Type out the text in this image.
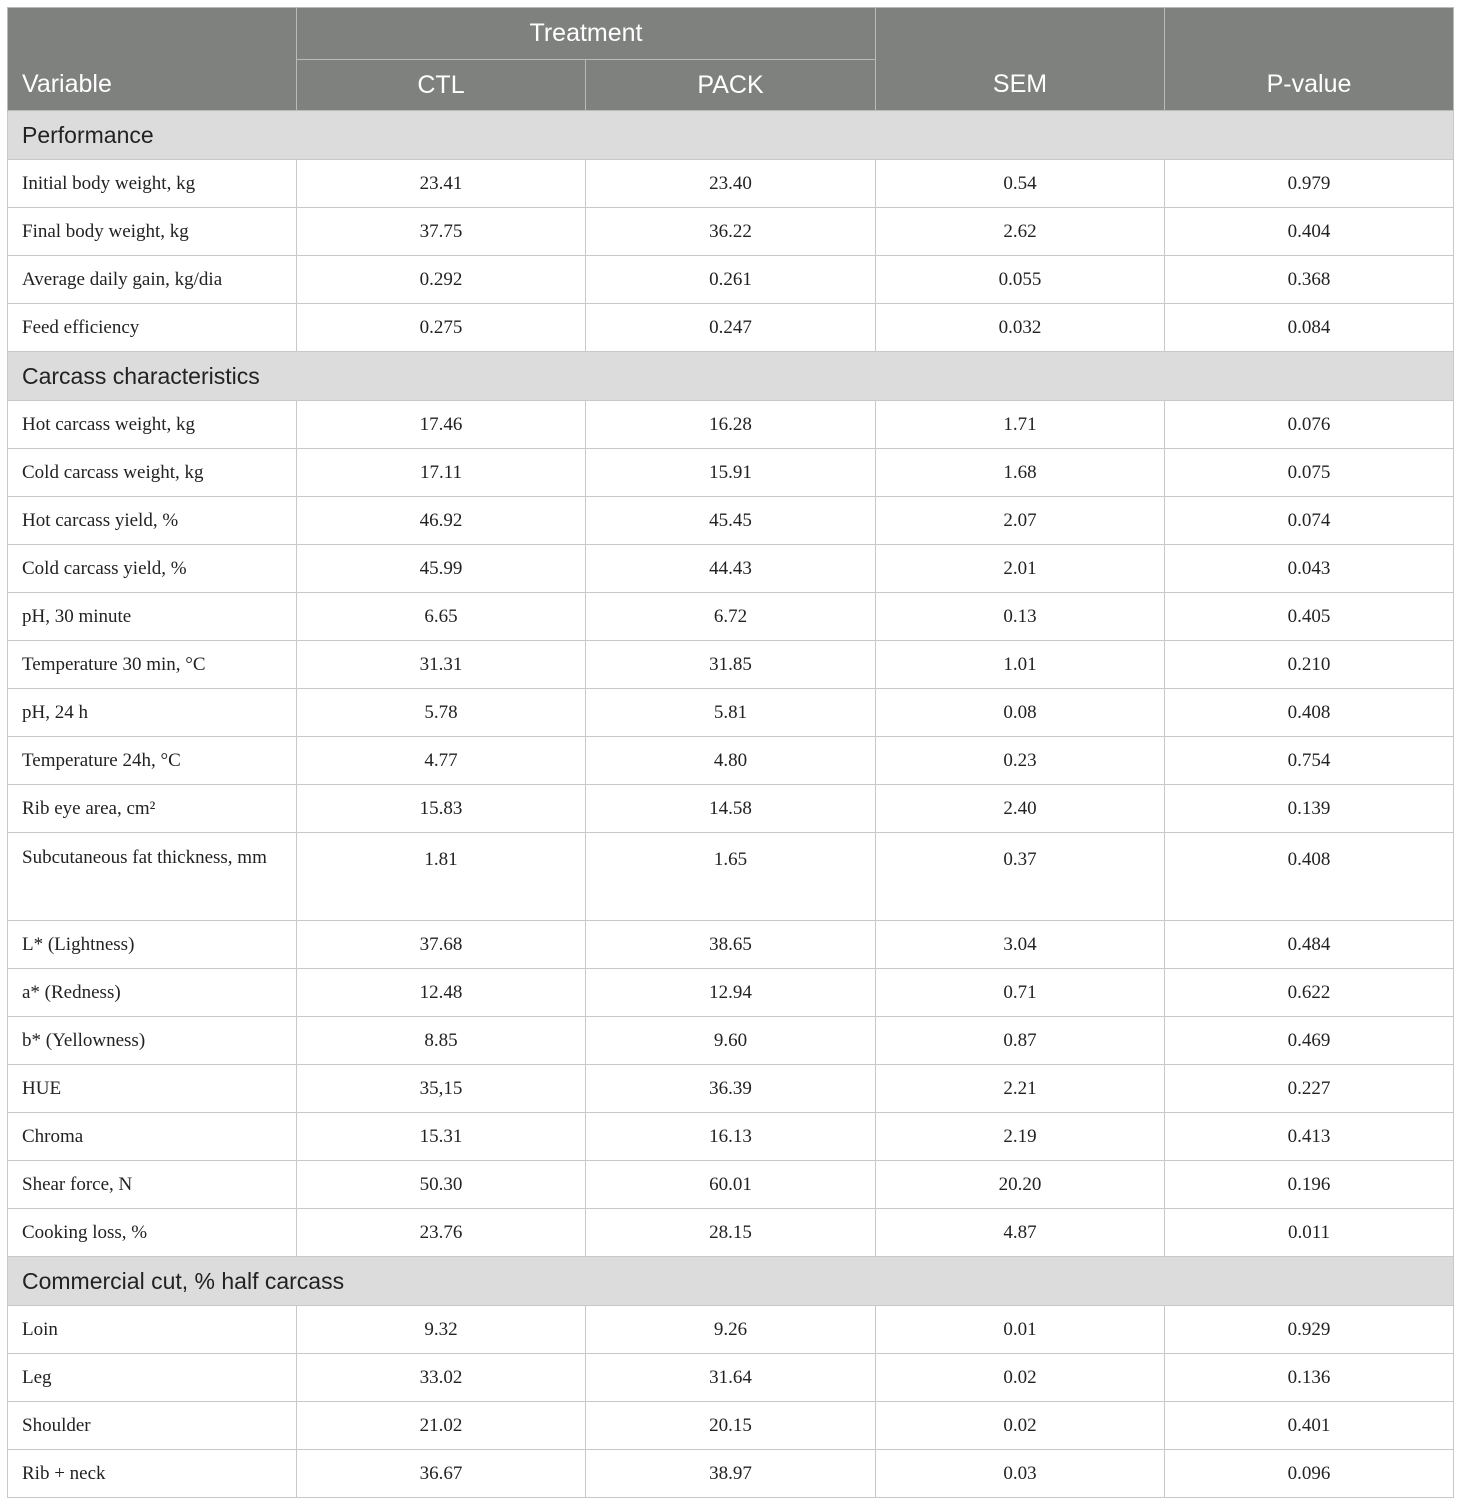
Variable	Treatment		SEM	P-value
	CTL	PACK		
Performance				
Initial body weight, kg	23.41	23.40	0.54	0.979
Final body weight, kg	37.75	36.22	2.62	0.404
Average daily gain, kg/dia	0.292	0.261	0.055	0.368
Feed efficiency	0.275	0.247	0.032	0.084
Carcass characteristics				
Hot carcass weight, kg	17.46	16.28	1.71	0.076
Cold carcass weight, kg	17.11	15.91	1.68	0.075
Hot carcass yield, %	46.92	45.45	2.07	0.074
Cold carcass yield, %	45.99	44.43	2.01	0.043
pH, 30 minute	6.65	6.72	0.13	0.405
Temperature 30 min, °C	31.31	31.85	1.01	0.210
pH, 24 h	5.78	5.81	0.08	0.408
Temperature 24h, °C	4.77	4.80	0.23	0.754
Rib eye area, cm²	15.83	14.58	2.40	0.139
Subcutaneous fat thickness, mm	1.81	1.65	0.37	0.408
L* (Lightness)	37.68	38.65	3.04	0.484
a* (Redness)	12.48	12.94	0.71	0.622
b* (Yellowness)	8.85	9.60	0.87	0.469
HUE	35,15	36.39	2.21	0.227
Chroma	15.31	16.13	2.19	0.413
Shear force, N	50.30	60.01	20.20	0.196
Cooking loss, %	23.76	28.15	4.87	0.011
Commercial cut, % half carcass				
Loin	9.32	9.26	0.01	0.929
Leg	33.02	31.64	0.02	0.136
Shoulder	21.02	20.15	0.02	0.401
Rib + neck	36.67	38.97	0.03	0.096
